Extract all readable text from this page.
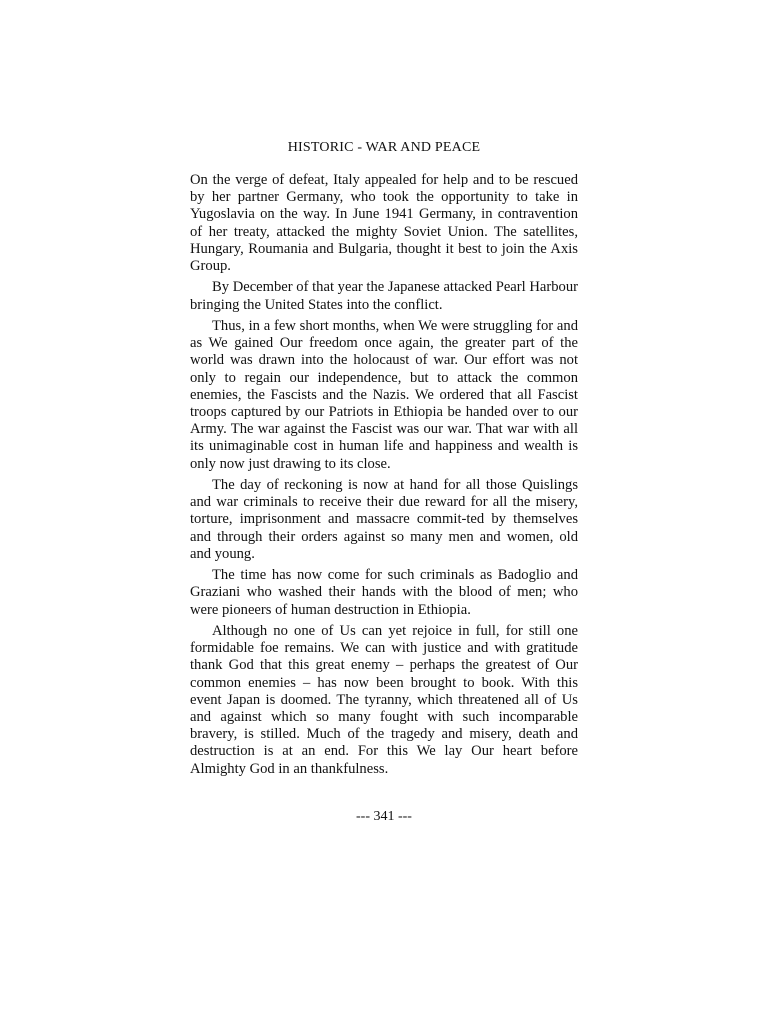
HISTORIC - WAR AND PEACE

On the verge of defeat, Italy appealed for help and to be rescued by her partner Germany, who took the opportunity to take in Yugoslavia on the way. In June 1941 Germany, in contravention of her treaty, attacked the mighty Soviet Union. The satellites, Hungary, Roumania and Bulgaria, thought it best to join the Axis Group.

By December of that year the Japanese attacked Pearl Harbour bringing the United States into the conflict.

Thus, in a few short months, when We were struggling for and as We gained Our freedom once again, the greater part of the world was drawn into the holocaust of war. Our effort was not only to regain our independence, but to attack the common enemies, the Fascists and the Nazis. We ordered that all Fascist troops captured by our Patriots in Ethiopia be handed over to our Army. The war against the Fascist was our war. That war with all its unimaginable cost in human life and happiness and wealth is only now just drawing to its close.

The day of reckoning is now at hand for all those Quislings and war criminals to receive their due reward for all the misery, torture, imprisonment and massacre commit-ted by themselves and through their orders against so many men and women, old and young.

The time has now come for such criminals as Badoglio and Graziani who washed their hands with the blood of men; who were pioneers of human destruction in Ethiopia.

Although no one of Us can yet rejoice in full, for still one formidable foe remains. We can with justice and with gratitude thank God that this great enemy – perhaps the greatest of Our common enemies – has now been brought to book. With this event Japan is doomed. The tyranny, which threatened all of Us and against which so many fought with such incomparable bravery, is stilled. Much of the tragedy and misery, death and destruction is at an end. For this We lay Our heart before Almighty God in an thankfulness.

--- 341 ---
